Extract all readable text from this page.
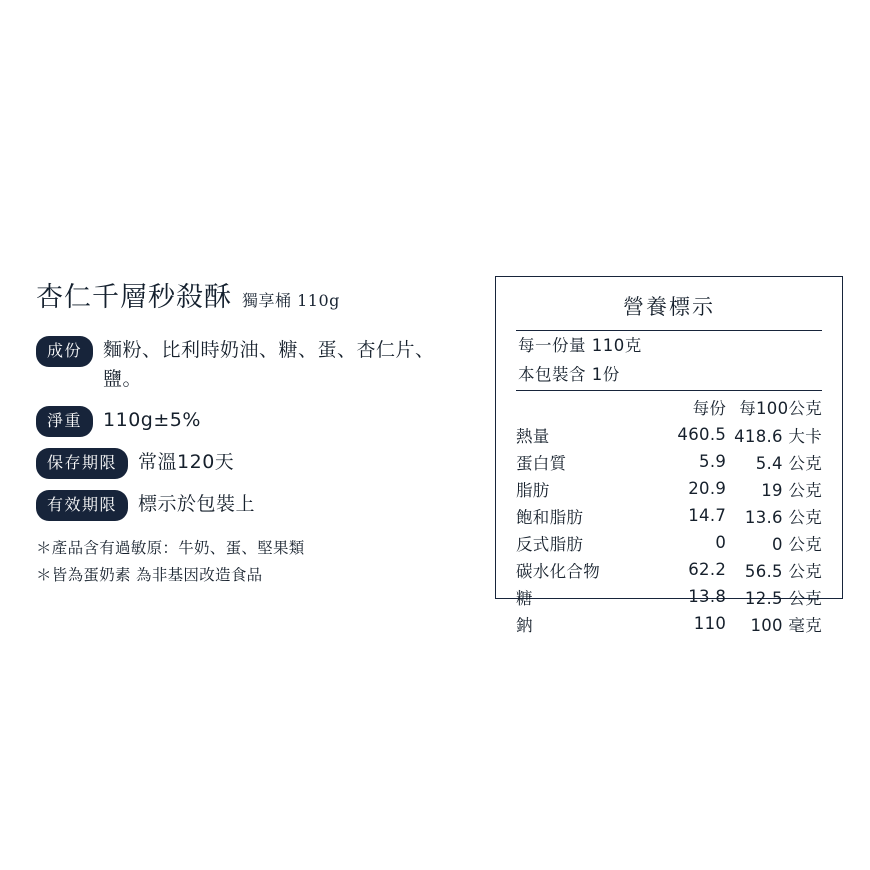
杏仁千層秒殺酥 獨享桶 110g
成份	麵粉、比利時奶油、糖、蛋、杏仁片、鹽。
淨重	110g±5%
保存期限	常溫120天
有效期限	標示於包裝上
＊產品含有過敏原：牛奶、蛋、堅果類
＊皆為蛋奶素 為非基因改造食品
營養標示
每一份量 110克
本包裝含 1份
	每份	每100公克
熱量	460.5	418.6 大卡
蛋白質	5.9	5.4 公克
脂肪	20.9	19 公克
飽和脂肪	14.7	13.6 公克
反式脂肪	0	0 公克
碳水化合物	62.2	56.5 公克
糖	13.8	12.5 公克
鈉	110	100 毫克
